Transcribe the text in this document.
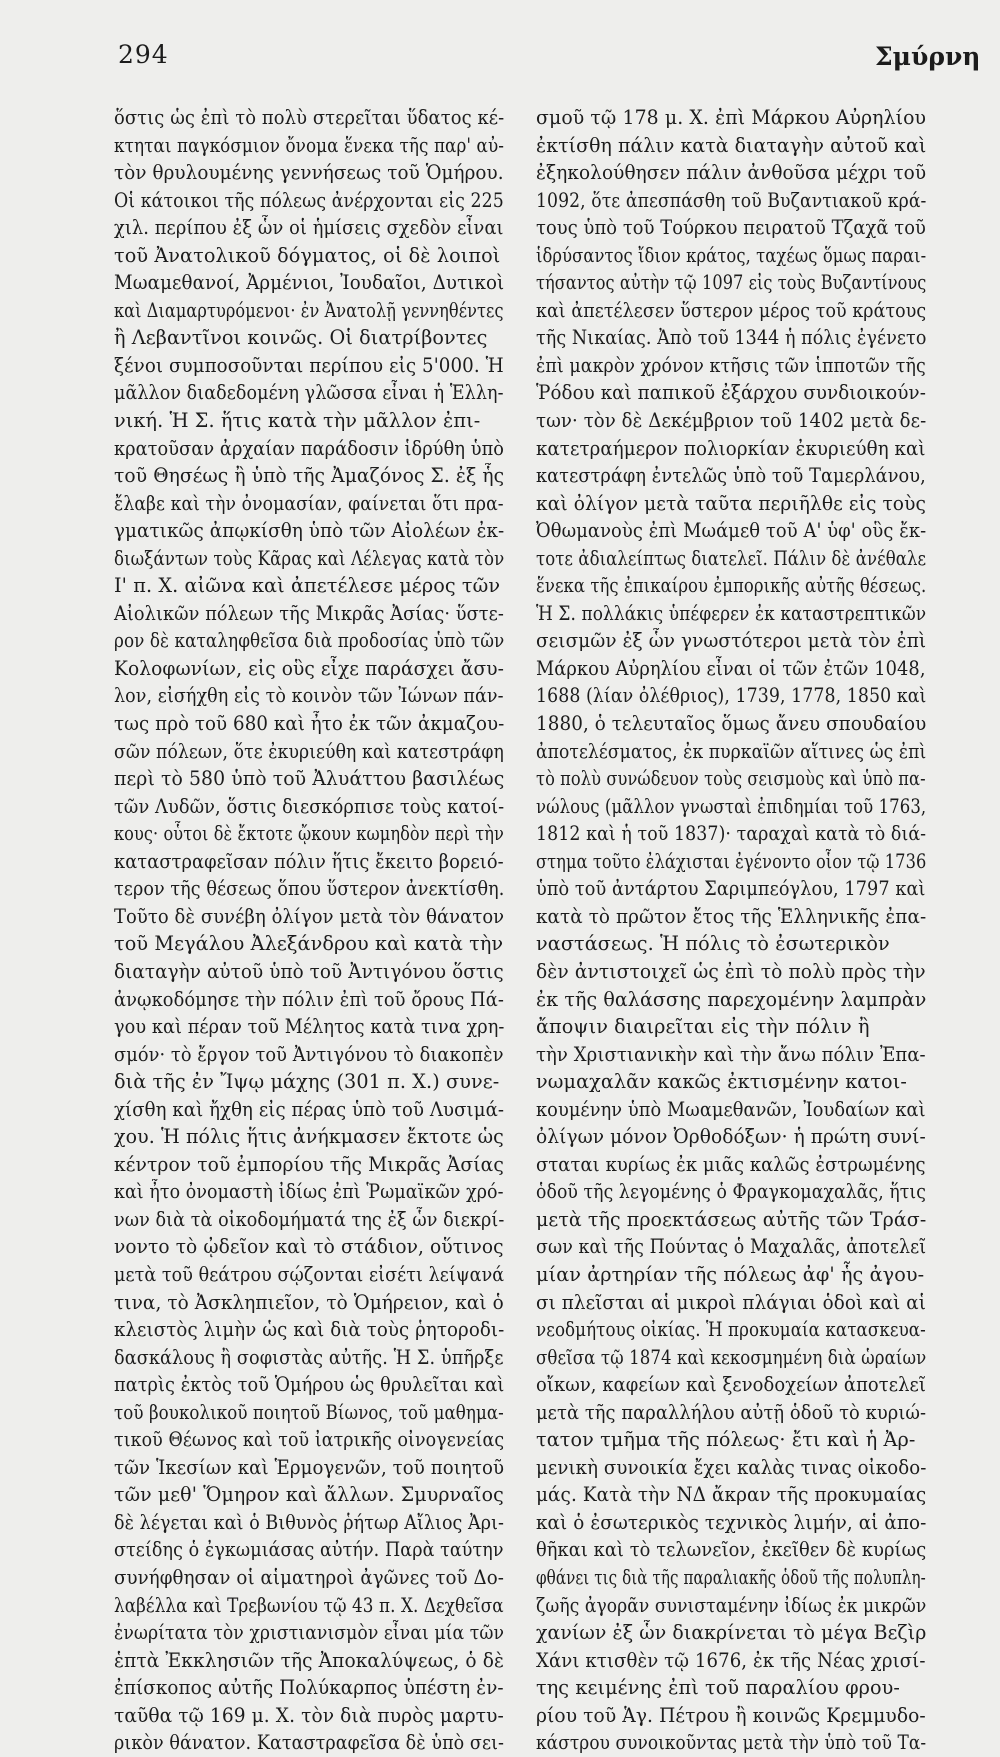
294	Σμύρνη
ὅστις ὡς ἐπὶ τὸ πολὺ στερεῖται ὕδατος κέ-
κτηται παγκόσμιον ὄνομα ἕνεκα τῆς παρ' αὐ-
τὸν θρυλουμένης γεννήσεως τοῦ Ὁμήρου.
Οἱ κάτοικοι τῆς πόλεως ἀνέρχονται εἰς 225
χιλ. περίπου ἐξ ὧν οἱ ἡμίσεις σχεδὸν εἶναι
τοῦ Ἀνατολικοῦ δόγματος, οἱ δὲ λοιποὶ
Μωαμεθανοί, Ἀρμένιοι, Ἰουδαῖοι, Δυτικοὶ
καὶ Διαμαρτυρόμενοι· ἐν Ἀνατολῇ γεννηθέντες
ἢ Λεβαντῖνοι κοινῶς. Οἱ διατρίβοντες
ξένοι συμποσοῦνται περίπου εἰς 5'000. Ἡ
μᾶλλον διαδεδομένη γλῶσσα εἶναι ἡ Ἑλλη-
νική. Ἡ Σ. ἥτις κατὰ τὴν μᾶλλον ἐπι-
κρατοῦσαν ἀρχαίαν παράδοσιν ἱδρύθη ὑπὸ
τοῦ Θησέως ἢ ὑπὸ τῆς Ἀμαζόνος Σ. ἐξ ἧς
ἔλαβε καὶ τὴν ὀνομασίαν, φαίνεται ὅτι πρα-
γματικῶς ἀπῳκίσθη ὑπὸ τῶν Αἰολέων ἐκ-
διωξάντων τοὺς Κᾶρας καὶ Λέλεγας κατὰ τὸν
Ι' π. Χ. αἰῶνα καὶ ἀπετέλεσε μέρος τῶν
Αἰολικῶν πόλεων τῆς Μικρᾶς Ἀσίας· ὕστε-
ρον δὲ καταληφθεῖσα διὰ προδοσίας ὑπὸ τῶν
Κολοφωνίων, εἰς οὓς εἶχε παράσχει ἄσυ-
λον, εἰσήχθη εἰς τὸ κοινὸν τῶν Ἰώνων πάν-
τως πρὸ τοῦ 680 καὶ ἦτο ἐκ τῶν ἀκμαζου-
σῶν πόλεων, ὅτε ἐκυριεύθη καὶ κατεστράφη
περὶ τὸ 580 ὑπὸ τοῦ Ἀλυάττου βασιλέως
τῶν Λυδῶν, ὅστις διεσκόρπισε τοὺς κατοί-
κους· οὗτοι δὲ ἔκτοτε ᾤκουν κωμηδὸν περὶ τὴν
καταστραφεῖσαν πόλιν ἥτις ἔκειτο βορειό-
τερον τῆς θέσεως ὅπου ὕστερον ἀνεκτίσθη.
Τοῦτο δὲ συνέβη ὀλίγον μετὰ τὸν θάνατον
τοῦ Μεγάλου Ἀλεξάνδρου καὶ κατὰ τὴν
διαταγὴν αὐτοῦ ὑπὸ τοῦ Ἀντιγόνου ὅστις
ἀνῳκοδόμησε τὴν πόλιν ἐπὶ τοῦ ὄρους Πά-
γου καὶ πέραν τοῦ Μέλητος κατὰ τινα χρη-
σμόν· τὸ ἔργον τοῦ Ἀντιγόνου τὸ διακοπὲν
διὰ τῆς ἐν Ἴψῳ μάχης (301 π. Χ.) συνε-
χίσθη καὶ ἤχθη εἰς πέρας ὑπὸ τοῦ Λυσιμά-
χου. Ἡ πόλις ἥτις ἀνήκμασεν ἔκτοτε ὡς
κέντρον τοῦ ἐμπορίου τῆς Μικρᾶς Ἀσίας
καὶ ἦτο ὀνομαστὴ ἰδίως ἐπὶ Ῥωμαϊκῶν χρό-
νων διὰ τὰ οἰκοδομήματά της ἐξ ὧν διεκρί-
νοντο τὸ ᾠδεῖον καὶ τὸ στάδιον, οὕτινος
μετὰ τοῦ θεάτρου σῴζονται εἰσέτι λείψανά
τινα, τὸ Ἀσκληπιεῖον, τὸ Ὁμήρειον, καὶ ὁ
κλειστὸς λιμὴν ὡς καὶ διὰ τοὺς ῥητοροδι-
δασκάλους ἢ σοφιστὰς αὐτῆς. Ἡ Σ. ὑπῆρξε
πατρὶς ἐκτὸς τοῦ Ὁμήρου ὡς θρυλεῖται καὶ
τοῦ βουκολικοῦ ποιητοῦ Βίωνος, τοῦ μαθημα-
τικοῦ Θέωνος καὶ τοῦ ἰατρικῆς οἰνογενείας
τῶν Ἱκεσίων καὶ Ἑρμογενῶν, τοῦ ποιητοῦ
τῶν μεθ' Ὅμηρον καὶ ἄλλων. Σμυρναῖος
δὲ λέγεται καὶ ὁ Βιθυνὸς ῥήτωρ Αἴλιος Ἀρι-
στείδης ὁ ἐγκωμιάσας αὐτήν. Παρὰ ταύτην
συνήφθησαν οἱ αἱματηροὶ ἀγῶνες τοῦ Δο-
λαβέλλα καὶ Τρεβωνίου τῷ 43 π. Χ. Δεχθεῖσα
ἐνωρίτατα τὸν χριστιανισμὸν εἶναι μία τῶν
ἑπτὰ Ἐκκλησιῶν τῆς Ἀποκαλύψεως, ὁ δὲ
ἐπίσκοπος αὐτῆς Πολύκαρπος ὑπέστη ἐν-
ταῦθα τῷ 169 μ. Χ. τὸν διὰ πυρὸς μαρτυ-
ρικὸν θάνατον. Καταστραφεῖσα δὲ ὑπὸ σει-
σμοῦ τῷ 178 μ. Χ. ἐπὶ Μάρκου Αὐρηλίου
ἐκτίσθη πάλιν κατὰ διαταγὴν αὐτοῦ καὶ
ἐξηκολούθησεν πάλιν ἀνθοῦσα μέχρι τοῦ
1092, ὅτε ἀπεσπάσθη τοῦ Βυζαντιακοῦ κρά-
τους ὑπὸ τοῦ Τούρκου πειρατοῦ Τζαχᾶ τοῦ
ἱδρύσαντος ἴδιον κράτος, ταχέως ὅμως παραι-
τήσαντος αὐτὴν τῷ 1097 εἰς τοὺς Βυζαντίνους
καὶ ἀπετέλεσεν ὕστερον μέρος τοῦ κράτους
τῆς Νικαίας. Ἀπὸ τοῦ 1344 ἡ πόλις ἐγένετο
ἐπὶ μακρὸν χρόνον κτῆσις τῶν ἱπποτῶν τῆς
Ῥόδου καὶ παπικοῦ ἐξάρχου συνδιοικούν-
των· τὸν δὲ Δεκέμβριον τοῦ 1402 μετὰ δε-
κατετραήμερον πολιορκίαν ἐκυριεύθη καὶ
κατεστράφη ἐντελῶς ὑπὸ τοῦ Ταμερλάνου,
καὶ ὀλίγον μετὰ ταῦτα περιῆλθε εἰς τοὺς
Ὀθωμανοὺς ἐπὶ Μωάμεθ τοῦ Α' ὑφ' οὓς ἔκ-
τοτε ἀδιαλείπτως διατελεῖ. Πάλιν δὲ ἀνέθαλε
ἕνεκα τῆς ἐπικαίρου ἐμπορικῆς αὐτῆς θέσεως.
Ἡ Σ. πολλάκις ὑπέφερεν ἐκ καταστρεπτικῶν
σεισμῶν ἐξ ὧν γνωστότεροι μετὰ τὸν ἐπὶ
Μάρκου Αὐρηλίου εἶναι οἱ τῶν ἐτῶν 1048,
1688 (λίαν ὀλέθριος), 1739, 1778, 1850 καὶ
1880, ὁ τελευταῖος ὅμως ἄνευ σπουδαίου
ἀποτελέσματος, ἐκ πυρκαϊῶν αἵτινες ὡς ἐπὶ
τὸ πολὺ συνώδευον τοὺς σεισμοὺς καὶ ὑπὸ πα-
νώλους (μᾶλλον γνωσταὶ ἐπιδημίαι τοῦ 1763,
1812 καὶ ἡ τοῦ 1837)· ταραχαὶ κατὰ τὸ διά-
στημα τοῦτο ἐλάχισται ἐγένοντο οἷον τῷ 1736
ὑπὸ τοῦ ἀντάρτου Σαριμπεόγλου, 1797 καὶ
κατὰ τὸ πρῶτον ἔτος τῆς Ἑλληνικῆς ἐπα-
ναστάσεως. Ἡ πόλις τὸ ἐσωτερικὸν
δὲν ἀντιστοιχεῖ ὡς ἐπὶ τὸ πολὺ πρὸς τὴν
ἐκ τῆς θαλάσσης παρεχομένην λαμπρὰν
ἄποψιν διαιρεῖται εἰς τὴν πόλιν ἢ
τὴν Χριστιανικὴν καὶ τὴν ἄνω πόλιν Ἐπα-
νωμαχαλᾶν κακῶς ἐκτισμένην κατοι-
κουμένην ὑπὸ Μωαμεθανῶν, Ἰουδαίων καὶ
ὀλίγων μόνον Ὀρθοδόξων· ἡ πρώτη συνί-
σταται κυρίως ἐκ μιᾶς καλῶς ἐστρωμένης
ὁδοῦ τῆς λεγομένης ὁ Φραγκομαχαλᾶς, ἥτις
μετὰ τῆς προεκτάσεως αὐτῆς τῶν Τράσ-
σων καὶ τῆς Πούντας ὁ Μαχαλᾶς, ἀποτελεῖ
μίαν ἀρτηρίαν τῆς πόλεως ἀφ' ἧς ἀγου-
σι πλεῖσται αἱ μικροὶ πλάγιαι ὁδοὶ καὶ αἱ
νεοδμήτους οἰκίας. Ἡ προκυμαία κατασκευα-
σθεῖσα τῷ 1874 καὶ κεκοσμημένη διὰ ὡραίων
οἴκων, καφείων καὶ ξενοδοχείων ἀποτελεῖ
μετὰ τῆς παραλλήλου αὐτῇ ὁδοῦ τὸ κυριώ-
τατον τμῆμα τῆς πόλεως· ἔτι καὶ ἡ Ἀρ-
μενικὴ συνοικία ἔχει καλὰς τινας οἰκοδο-
μάς. Κατὰ τὴν ΝΔ ἄκραν τῆς προκυμαίας
καὶ ὁ ἐσωτερικὸς τεχνικὸς λιμήν, αἱ ἀπο-
θῆκαι καὶ τὸ τελωνεῖον, ἐκεῖθεν δὲ κυρίως
φθάνει τις διὰ τῆς παραλιακῆς ὁδοῦ τῆς πολυπλη-
ζωῆς ἀγορᾶν συνισταμένην ἰδίως ἐκ μικρῶν
χανίων ἐξ ὧν διακρίνεται τὸ μέγα Βεζὶρ
Χάνι κτισθὲν τῷ 1676, ἐκ τῆς Νέας χρισί-
της κειμένης ἐπὶ τοῦ παραλίου φρου-
ρίου τοῦ Ἁγ. Πέτρου ἢ κοινῶς Κρεμμυδο-
κάστρου συνοικοῦντας μετὰ τὴν ὑπὸ τοῦ Τα-
